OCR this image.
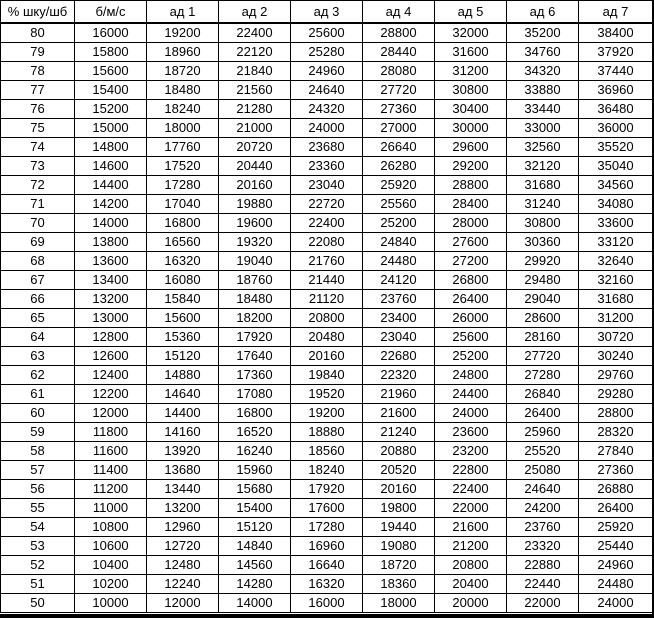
% шку/шб	б/м/с	ад 1	ад 2	ад 3	ад 4	ад 5	ад 6	ад 7
80	16000	19200	22400	25600	28800	32000	35200	38400
79	15800	18960	22120	25280	28440	31600	34760	37920
78	15600	18720	21840	24960	28080	31200	34320	37440
77	15400	18480	21560	24640	27720	30800	33880	36960
76	15200	18240	21280	24320	27360	30400	33440	36480
75	15000	18000	21000	24000	27000	30000	33000	36000
74	14800	17760	20720	23680	26640	29600	32560	35520
73	14600	17520	20440	23360	26280	29200	32120	35040
72	14400	17280	20160	23040	25920	28800	31680	34560
71	14200	17040	19880	22720	25560	28400	31240	34080
70	14000	16800	19600	22400	25200	28000	30800	33600
69	13800	16560	19320	22080	24840	27600	30360	33120
68	13600	16320	19040	21760	24480	27200	29920	32640
67	13400	16080	18760	21440	24120	26800	29480	32160
66	13200	15840	18480	21120	23760	26400	29040	31680
65	13000	15600	18200	20800	23400	26000	28600	31200
64	12800	15360	17920	20480	23040	25600	28160	30720
63	12600	15120	17640	20160	22680	25200	27720	30240
62	12400	14880	17360	19840	22320	24800	27280	29760
61	12200	14640	17080	19520	21960	24400	26840	29280
60	12000	14400	16800	19200	21600	24000	26400	28800
59	11800	14160	16520	18880	21240	23600	25960	28320
58	11600	13920	16240	18560	20880	23200	25520	27840
57	11400	13680	15960	18240	20520	22800	25080	27360
56	11200	13440	15680	17920	20160	22400	24640	26880
55	11000	13200	15400	17600	19800	22000	24200	26400
54	10800	12960	15120	17280	19440	21600	23760	25920
53	10600	12720	14840	16960	19080	21200	23320	25440
52	10400	12480	14560	16640	18720	20800	22880	24960
51	10200	12240	14280	16320	18360	20400	22440	24480
50	10000	12000	14000	16000	18000	20000	22000	24000
